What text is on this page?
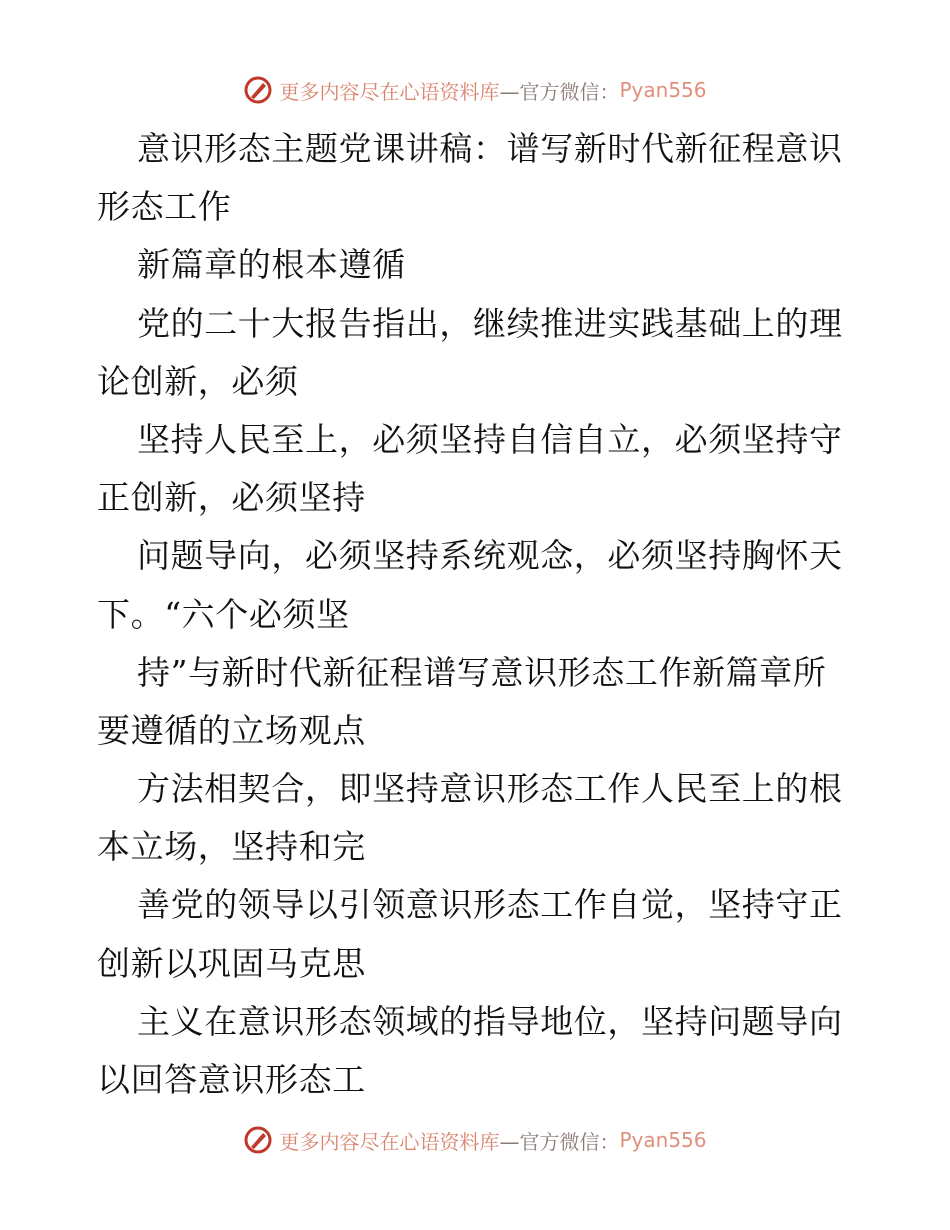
更多内容尽在心语资料库 —官方微信： Pyan556
意识形态主题党课讲稿：谱写新时代新征程意识
形态工作
新篇章的根本遵循
党的二十大报告指出，继续推进实践基础上的理
论创新，必须
坚持人民至上，必须坚持自信自立，必须坚持守
正创新，必须坚持
问题导向，必须坚持系统观念，必须坚持胸怀天
下。“六个必须坚
持”与新时代新征程谱写意识形态工作新篇章所
要遵循的立场观点
方法相契合，即坚持意识形态工作人民至上的根
本立场，坚持和完
善党的领导以引领意识形态工作自觉，坚持守正
创新以巩固马克思
主义在意识形态领域的指导地位，坚持问题导向
以回答意识形态工
更多内容尽在心语资料库 —官方微信： Pyan556
